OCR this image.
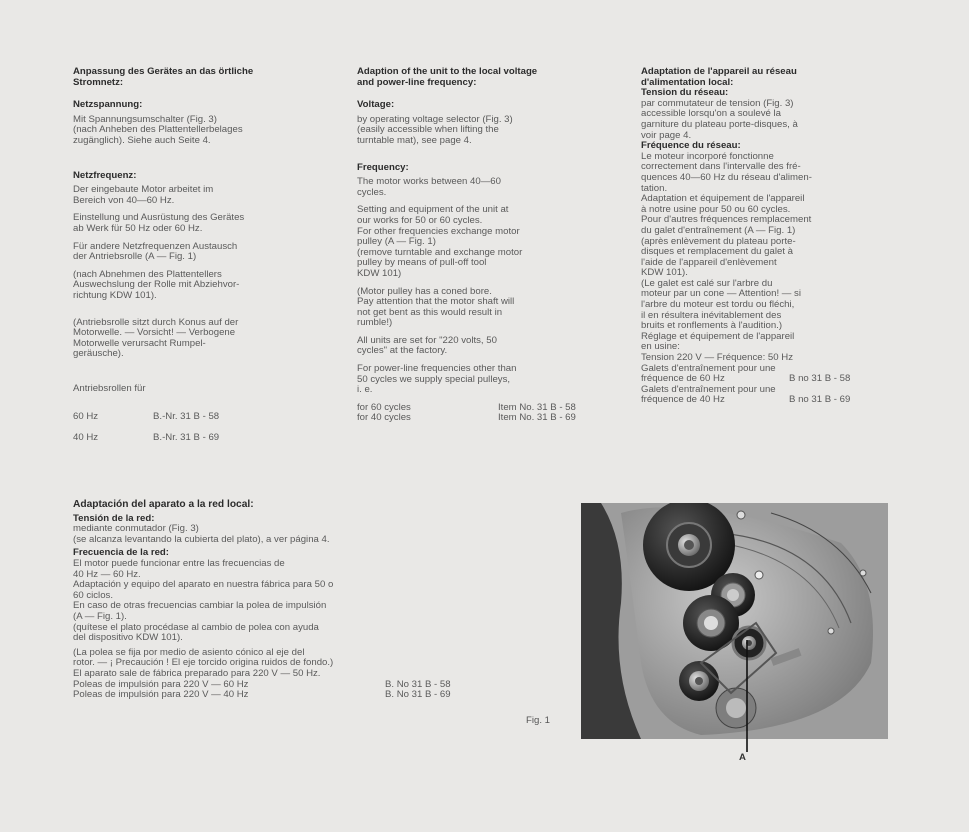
Anpassung des Gerätes an das örtliche

Stromnetz:

Netzspannung:

Mit Spannungsumschalter (Fig. 3)

(nach Anheben des Plattentellerbelages

zugänglich). Siehe auch Seite 4.

Netzfrequenz:

Der eingebaute Motor arbeitet im

Bereich von 40—60 Hz.

Einstellung und Ausrüstung des Gerätes

ab Werk für 50 Hz oder 60 Hz.

Für andere Netzfrequenzen Austausch

der Antriebsrolle (A — Fig. 1)

(nach Abnehmen des Plattentellers

Auswechslung der Rolle mit Abziehvor-

richtung KDW 101).

(Antriebsrolle sitzt durch Konus auf der

Motorwelle. — Vorsicht! — Verbogene

Motorwelle verursacht Rumpel-

geräusche).

Antriebsrollen für

60 Hz	B.-Nr. 31 B - 58
40 Hz	B.-Nr. 31 B - 69

Adaption of the unit to the local voltage

and power-line frequency:

Voltage:

by operating voltage selector (Fig. 3)

(easily accessible when lifting the

turntable mat), see page 4.

Frequency:

The motor works between 40—60

cycles.

Setting and equipment of the unit at

our works for 50 or 60 cycles.

For other frequencies exchange motor

pulley (A — Fig. 1)

(remove turntable and exchange motor

pulley by means of pull-off tool

KDW 101)

(Motor pulley has a coned bore.

Pay attention that the motor shaft will

not get bent as this would result in

rumble!)

All units are set for "220 volts, 50

cycles" at the factory.

For power-line frequencies other than

50 cycles we supply special pulleys,

i. e.

for 60 cycles	Item No. 31 B - 58
for 40 cycles	Item No. 31 B - 69

Adaptation de l'appareil au réseau

d'alimentation local:

Tension du réseau:

par commutateur de tension (Fig. 3)

accessible lorsqu'on a soulevé la

garniture du plateau porte-disques, à

voir page 4.

Fréquence du réseau:

Le moteur incorporé fonctionne

correctement dans l'intervalle des fré-

quences 40—60 Hz du réseau d'alimen-

tation.

Adaptation et équipement de l'appareil

à notre usine pour 50 ou 60 cycles.

Pour d'autres fréquences remplacement

du galet d'entraînement (A — Fig. 1)

(après enlèvement du plateau porte-

disques et remplacement du galet à

l'aide de l'appareil d'enlèvement

KDW 101).

(Le galet est calé sur l'arbre du

moteur par un cone — Attention! — si

l'arbre du moteur est tordu ou fléchi,

il en résultera inévitablement des

bruits et ronflements à l'audition.)

Réglage et équipement de l'appareil

en usine:

Tension 220 V — Fréquence: 50 Hz

Galets d'entraînement pour une

fréquence de 60 Hz	B no 31 B - 58

Galets d'entraînement pour une

fréquence de 40 Hz	B no 31 B - 69

Adaptación del aparato a la red local:

Tensión de la red:

mediante conmutador (Fig. 3)

(se alcanza levantando la cubierta del plato), a ver página 4.

Frecuencia de la red:

El motor puede funcionar entre las frecuencias de

40 Hz — 60 Hz.

Adaptación y equipo del aparato en nuestra fábrica para 50 o

60 ciclos.

En caso de otras frecuencias cambiar la polea de impulsión

(A — Fig. 1).

(quítese el plato procédase al cambio de polea con ayuda

del dispositivo KDW 101).

(La polea se fija por medio de asiento cónico al eje del

rotor. — ¡ Precaución ! El eje torcido origina ruidos de fondo.)

El aparato sale de fábrica preparado para 220 V — 50 Hz.

Poleas de impulsión para 220 V — 60 Hz	B. No 31 B - 58
Poleas de impulsión para 220 V — 40 Hz	B. No 31 B - 69
Fig. 1
A
